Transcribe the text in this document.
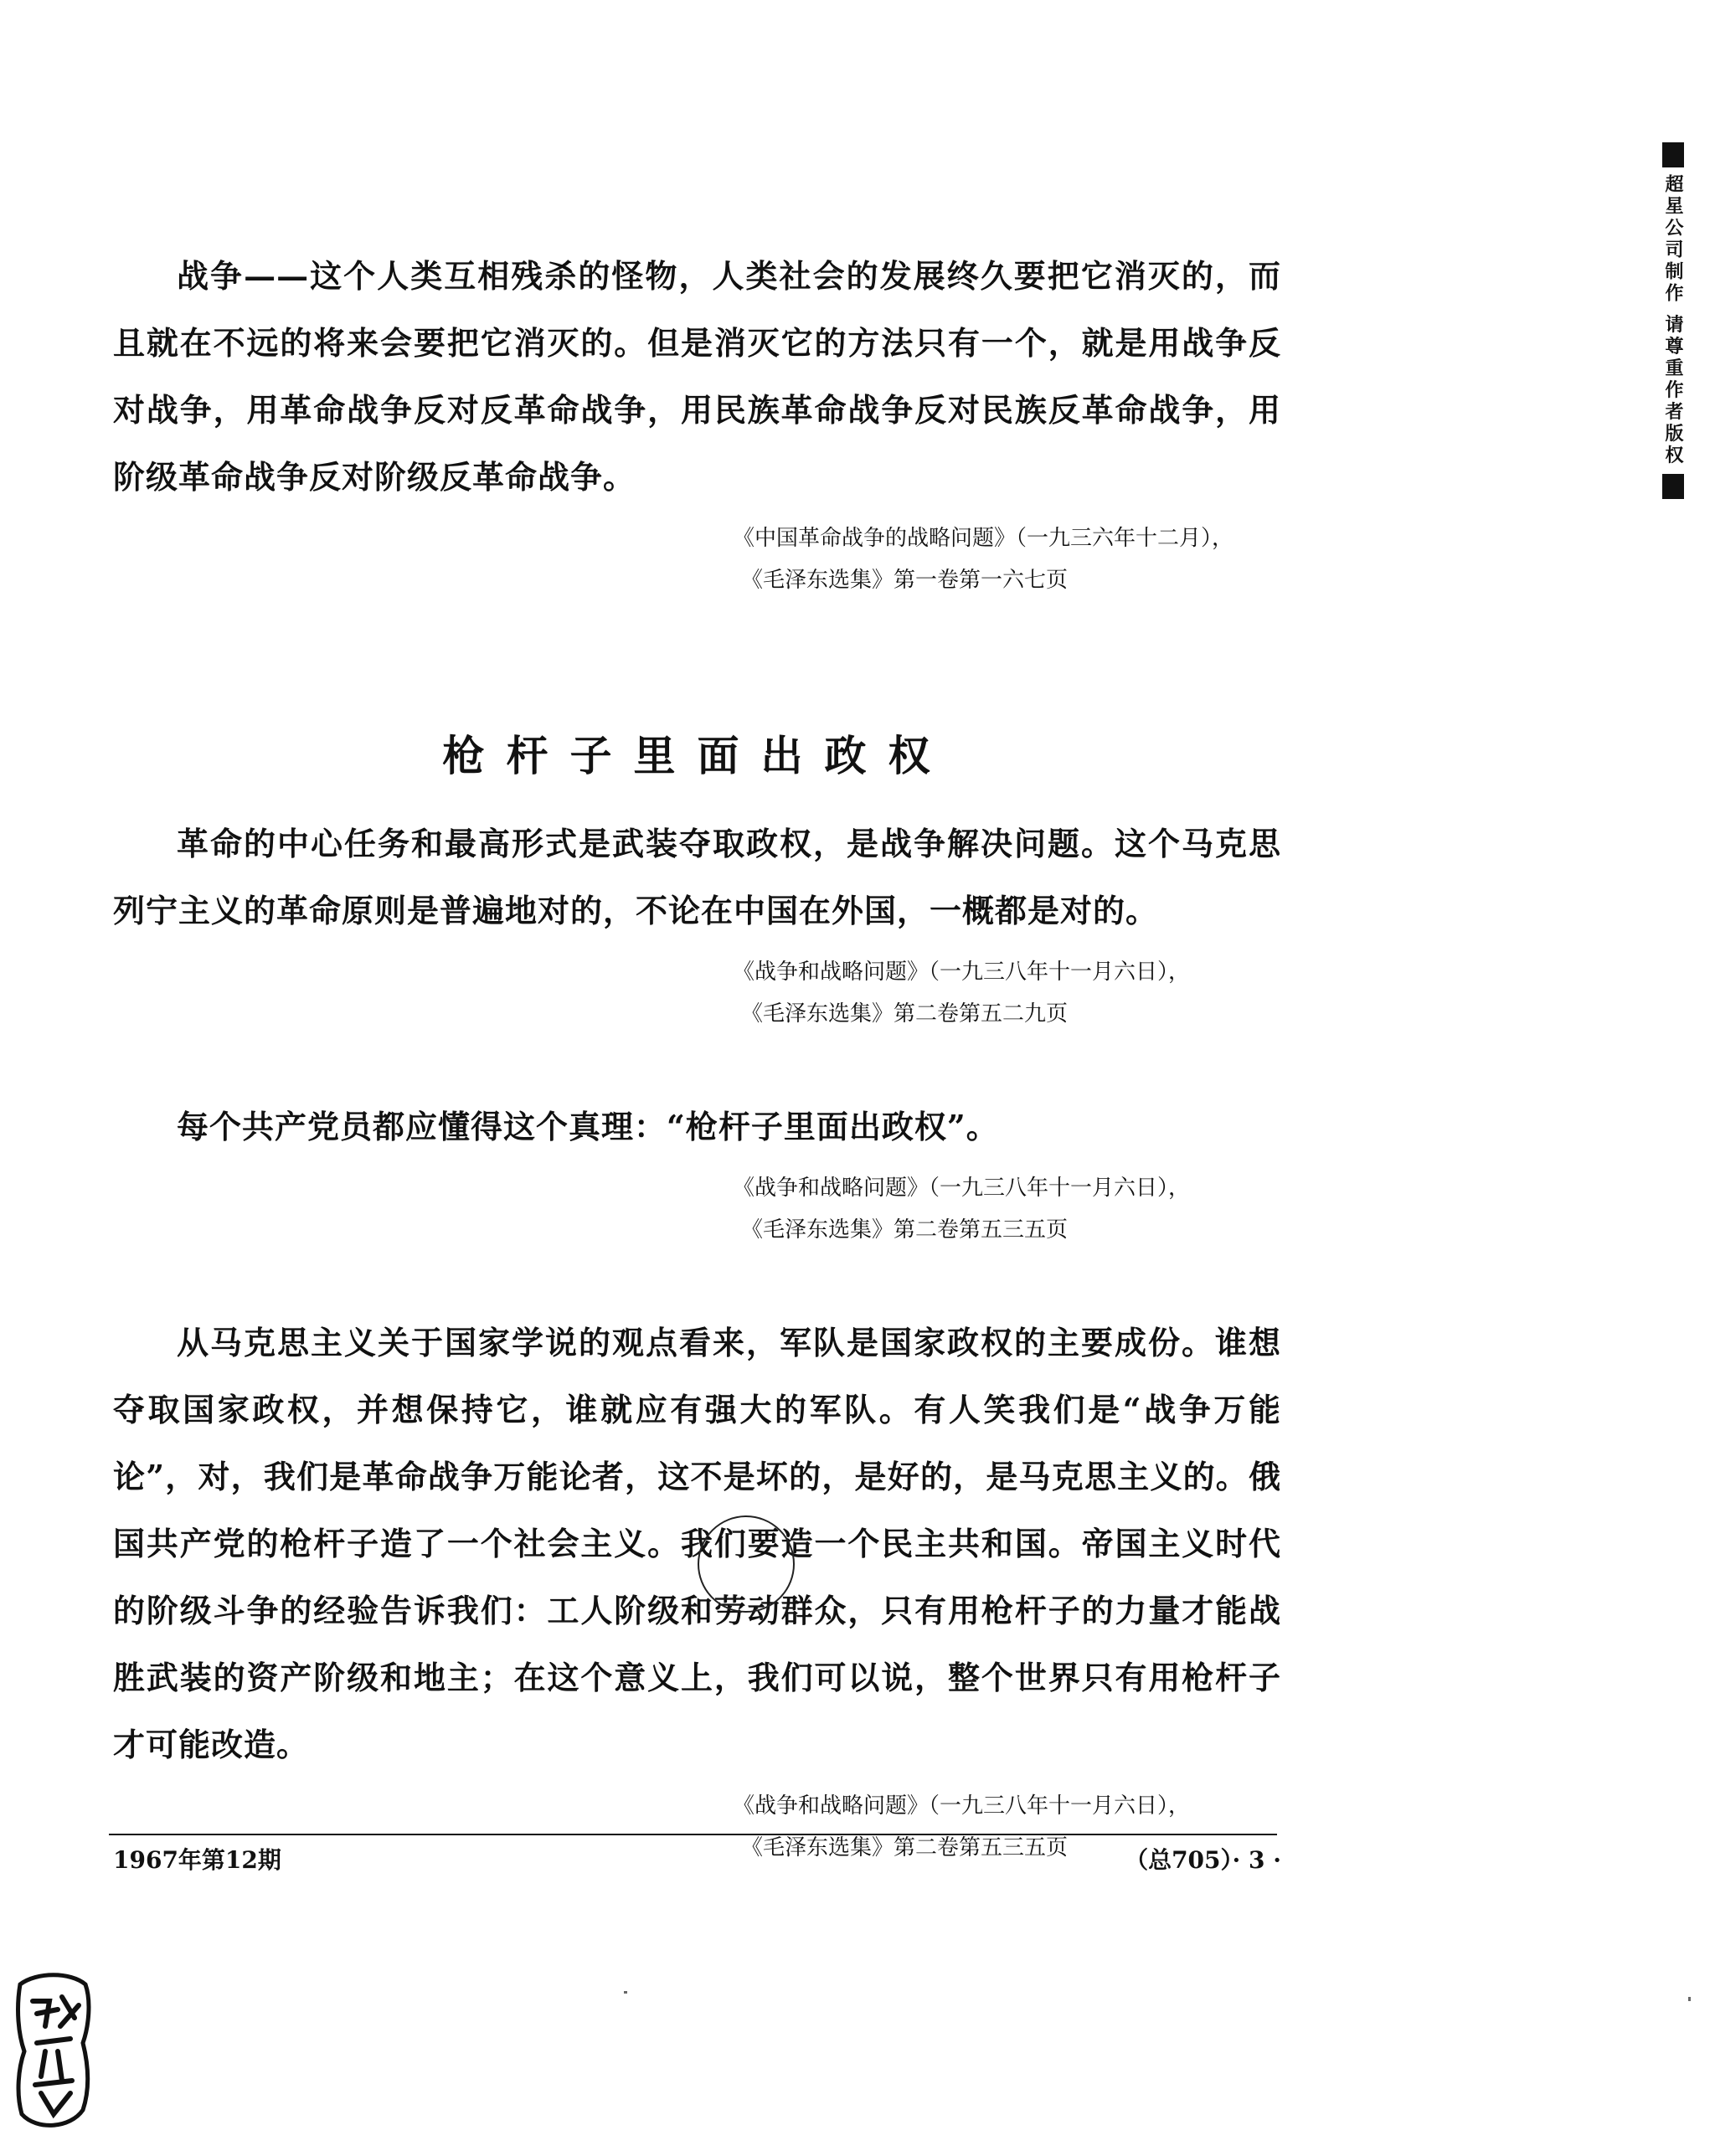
超星公司制作 请尊重作者版权

战争——这个人类互相残杀的怪物，人类社会的发展终久要把它消灭的，而且就在不远的将来会要把它消灭的。但是消灭它的方法只有一个，就是用战争反对战争，用革命战争反对反革命战争，用民族革命战争反对民族反革命战争，用阶级革命战争反对阶级反革命战争。

《中国革命战争的战略问题》（一九三六年十二月），
《毛泽东选集》第一卷第一六七页
枪杆子里面出政权

革命的中心任务和最高形式是武装夺取政权，是战争解决问题。这个马克思列宁主义的革命原则是普遍地对的，不论在中国在外国，一概都是对的。

《战争和战略问题》（一九三八年十一月六日），
《毛泽东选集》第二卷第五二九页

每个共产党员都应懂得这个真理：“枪杆子里面出政权”。

《战争和战略问题》（一九三八年十一月六日），
《毛泽东选集》第二卷第五三五页

从马克思主义关于国家学说的观点看来，军队是国家政权的主要成份。谁想夺取国家政权，并想保持它，谁就应有强大的军队。有人笑我们是“战争万能论”，对，我们是革命战争万能论者，这不是坏的，是好的，是马克思主义的。俄国共产党的枪杆子造了一个社会主义。我们要造一个民主共和国。帝国主义时代的阶级斗争的经验告诉我们：工人阶级和劳动群众，只有用枪杆子的力量才能战胜武装的资产阶级和地主；在这个意义上，我们可以说，整个世界只有用枪杆子才可能改造。

《战争和战略问题》（一九三八年十一月六日），
《毛泽东选集》第二卷第五三五页
1967年第12期	（总705）· 3 ·
